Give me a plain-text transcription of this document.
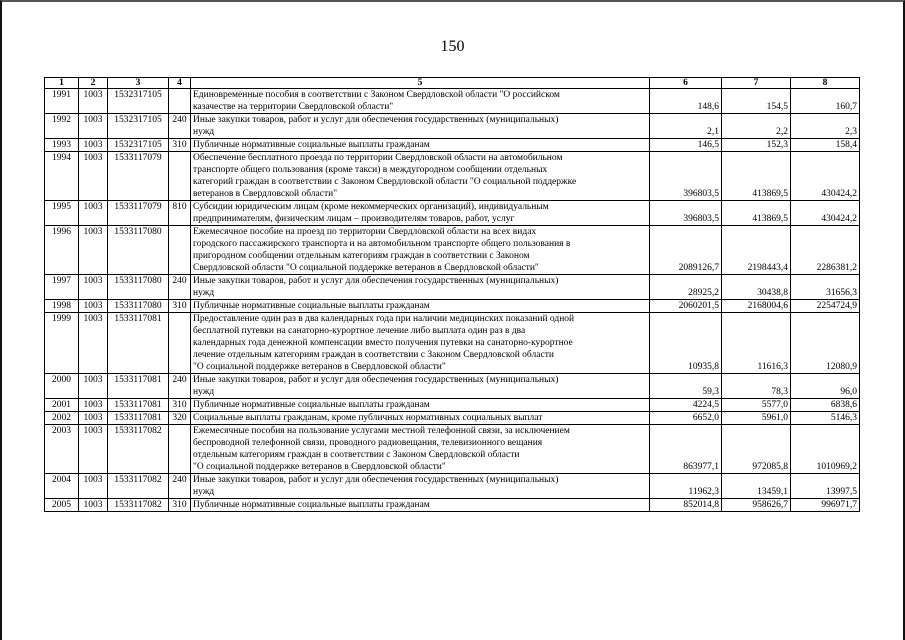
150
1	2	3	4	5	6	7	8
1991	1003	1532317105		Единовременные пособия в соответствии с Законом Свердловской области "О российском
казачестве на территории Свердловской области"	148,6	154,5	160,7
1992	1003	1532317105	240	Иные закупки товаров, работ и услуг для обеспечения государственных (муниципальных)
нужд	2,1	2,2	2,3
1993	1003	1532317105	310	Публичные нормативные социальные выплаты гражданам	146,5	152,3	158,4
1994	1003	1533117079		Обеспечение бесплатного проезда по территории Свердловской области на автомобильном
транспорте общего пользования (кроме такси) в междугородном сообщении отдельных
категорий граждан в соответствии с Законом Свердловской области "О социальной поддержке
ветеранов в Свердловской области"	396803,5	413869,5	430424,2
1995	1003	1533117079	810	Субсидии юридическим лицам (кроме некоммерческих организаций), индивидуальным
предпринимателям, физическим лицам – производителям товаров, работ, услуг	396803,5	413869,5	430424,2
1996	1003	1533117080		Ежемесячное пособие на проезд по территории Свердловской области на всех видах
городского пассажирского транспорта и на автомобильном транспорте общего пользования в
пригородном сообщении отдельным категориям граждан в соответствии с Законом
Свердловской области "О социальной поддержке ветеранов в Свердловской области"	2089126,7	2198443,4	2286381,2
1997	1003	1533117080	240	Иные закупки товаров, работ и услуг для обеспечения государственных (муниципальных)
нужд	28925,2	30438,8	31656,3
1998	1003	1533117080	310	Публичные нормативные социальные выплаты гражданам	2060201,5	2168004,6	2254724,9
1999	1003	1533117081		Предоставление один раз в два календарных года при наличии медицинских показаний одной
бесплатной путевки на санаторно-курортное лечение либо выплата один раз в два
календарных года денежной компенсации вместо получения путевки на санаторно-курортное
лечение отдельным категориям граждан в соответствии с Законом Свердловской области
"О социальной поддержке ветеранов в Свердловской области"	10935,8	11616,3	12080,9
2000	1003	1533117081	240	Иные закупки товаров, работ и услуг для обеспечения государственных (муниципальных)
нужд	59,3	78,3	96,0
2001	1003	1533117081	310	Публичные нормативные социальные выплаты гражданам	4224,5	5577,0	6838,6
2002	1003	1533117081	320	Социальные выплаты гражданам, кроме публичных нормативных социальных выплат	6652,0	5961,0	5146,3
2003	1003	1533117082		Ежемесячные пособия на пользование услугами местной телефонной связи, за исключением
беспроводной телефонной связи, проводного радиовещания, телевизионного вещания
отдельным категориям граждан в соответствии с Законом Свердловской области
"О социальной поддержке ветеранов в Свердловской области"	863977,1	972085,8	1010969,2
2004	1003	1533117082	240	Иные закупки товаров, работ и услуг для обеспечения государственных (муниципальных)
нужд	11962,3	13459,1	13997,5
2005	1003	1533117082	310	Публичные нормативные социальные выплаты гражданам	852014,8	958626,7	996971,7
